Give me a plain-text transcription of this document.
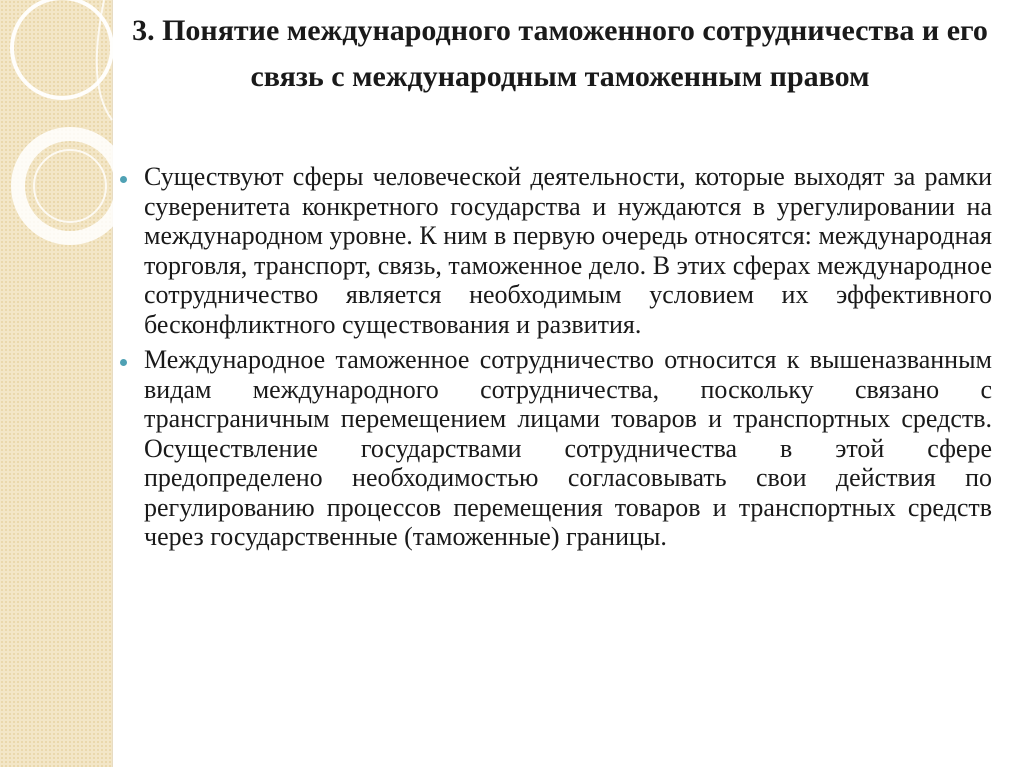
3. Понятие международного таможенного сотрудничества и его связь с международным таможенным правом
Существуют сферы человеческой деятельности, которые выходят за рамки суверенитета конкретного государства и нуждаются в урегулировании на международном уровне. К ним в первую очередь относятся: международная торговля, транспорт, связь, таможенное дело. В этих сферах международное сотрудничество является необходимым условием их эффективного бесконфликтного существования и развития.
Международное таможенное сотрудничество относится к вышеназванным видам международного сотрудничества, поскольку связано с трансграничным перемещением лицами товаров и транспортных средств. Осуществление государствами сотрудничества в этой сфере предопределено необходимостью согласовывать свои действия по регулированию процессов перемещения товаров и транспортных средств через государственные (таможенные) границы.
